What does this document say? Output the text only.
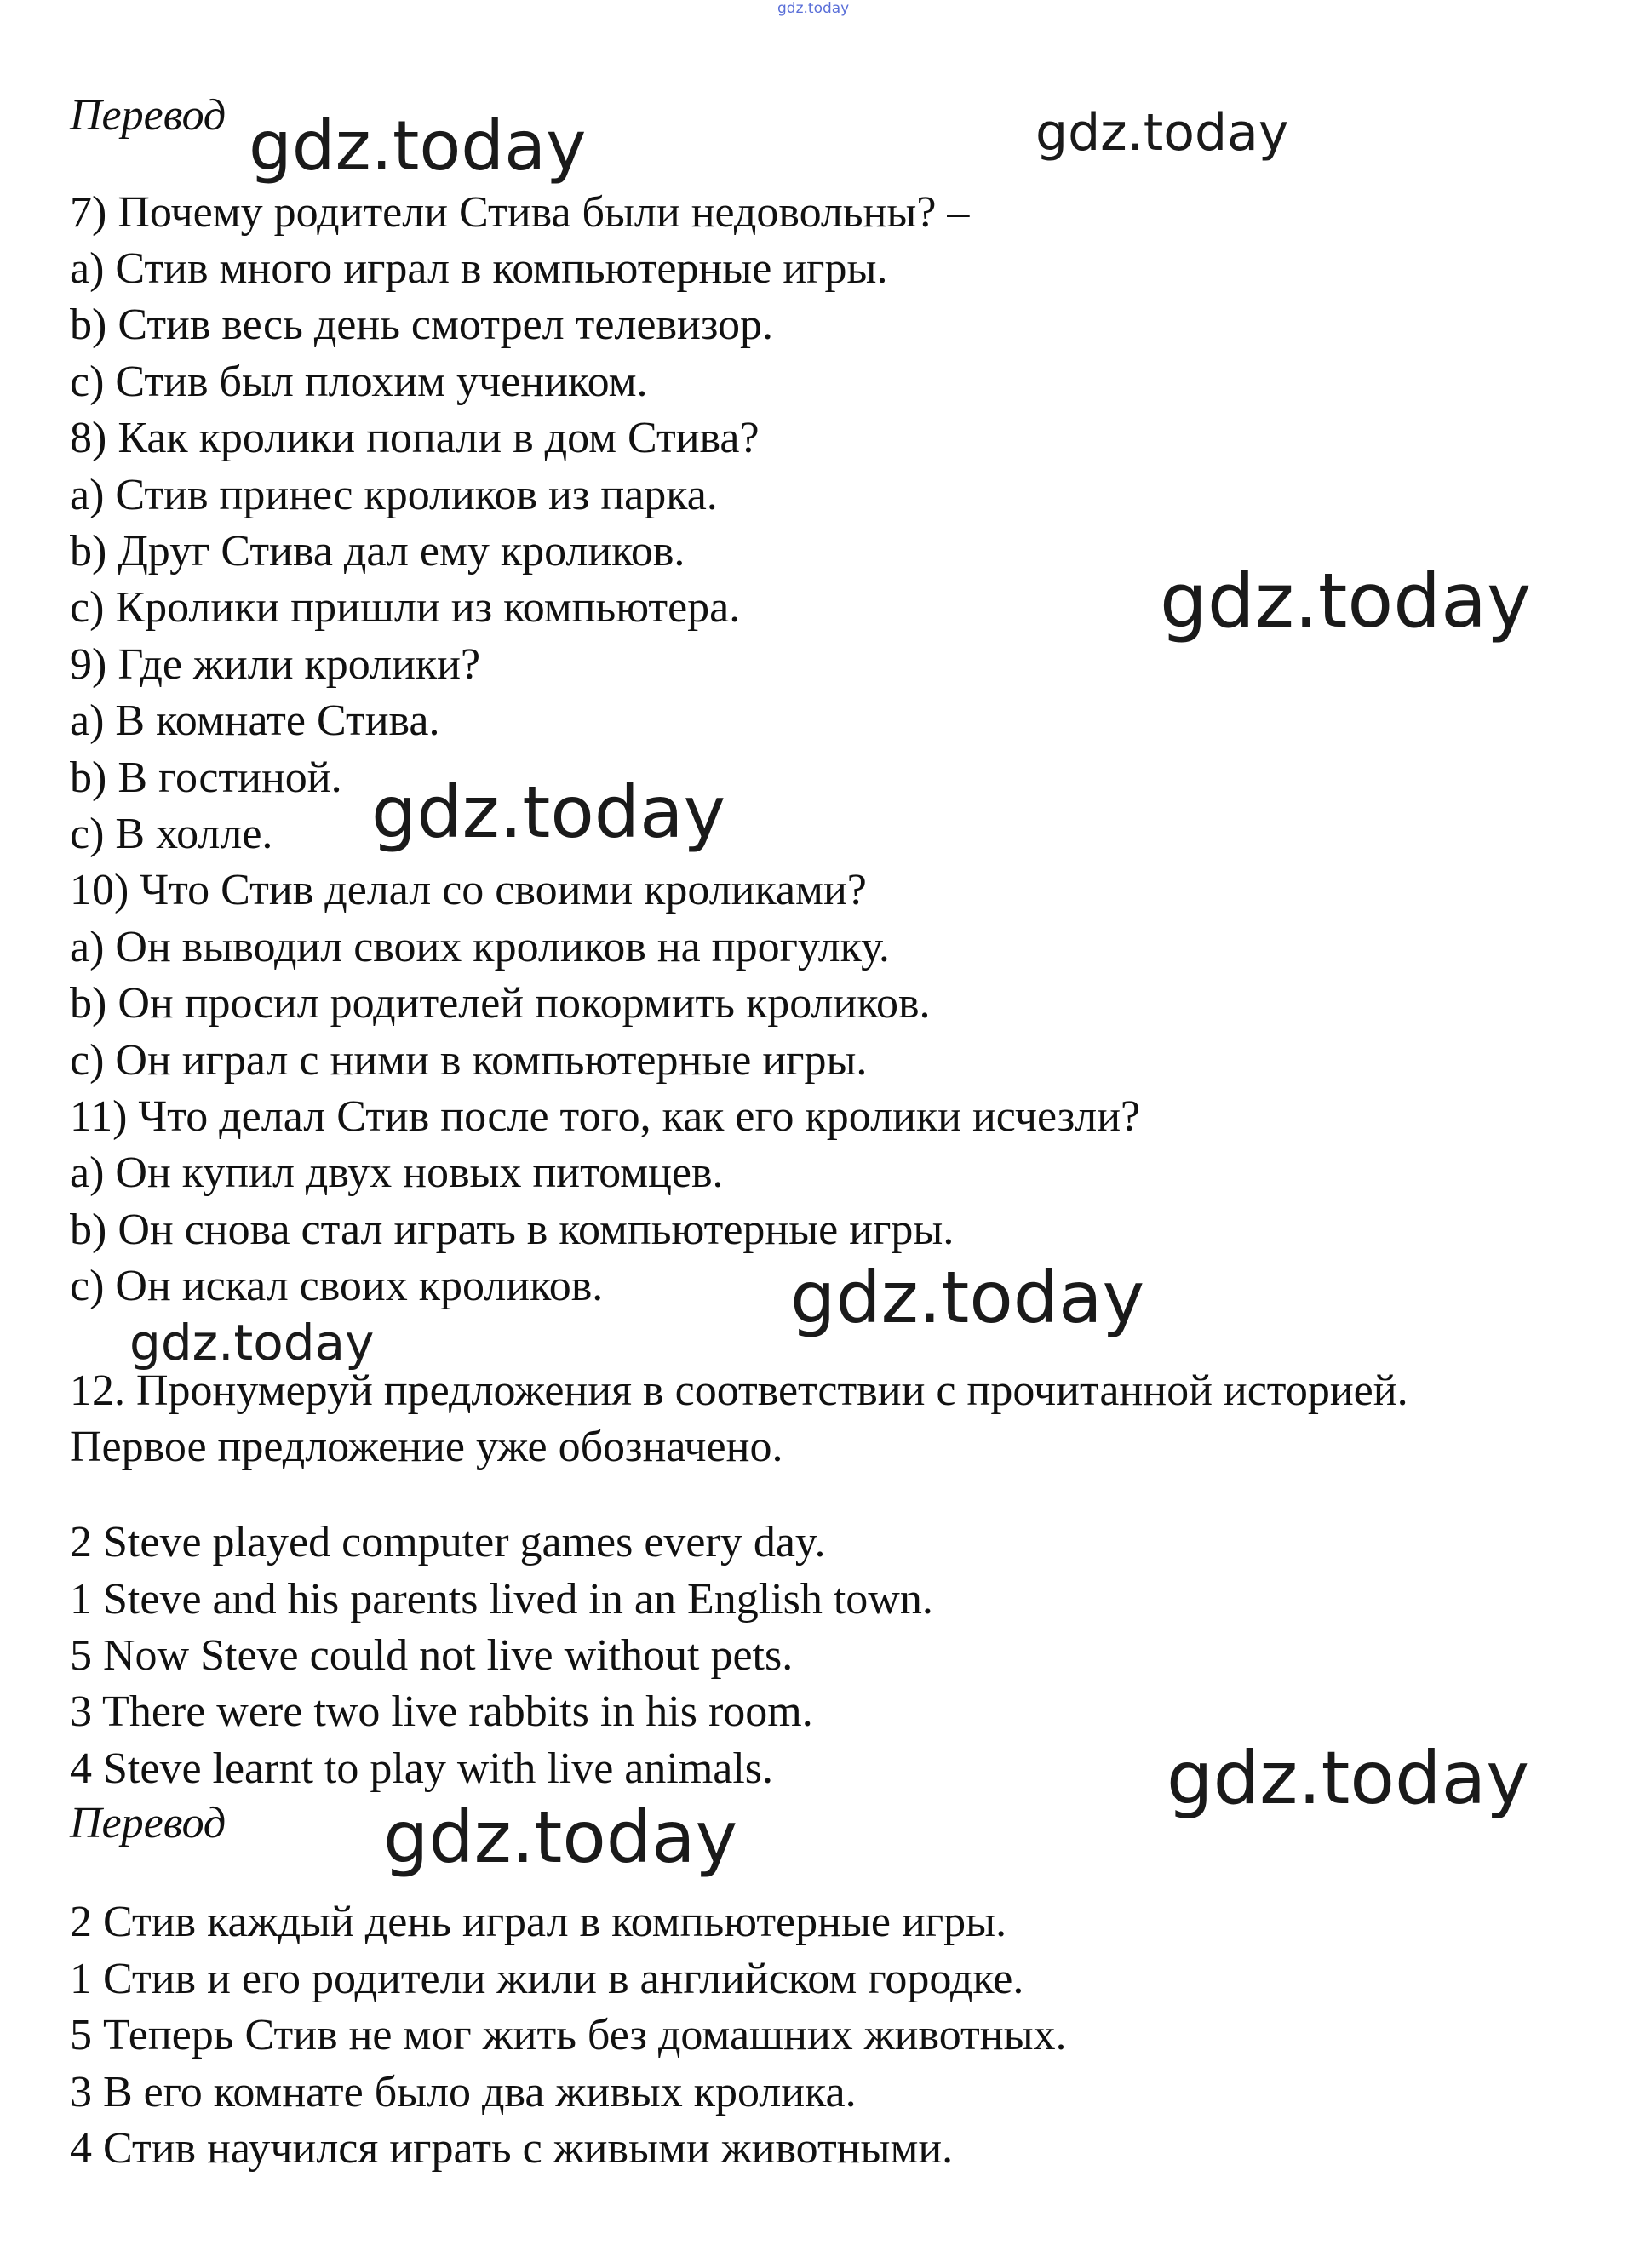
gdz.today
Перевод
7) Почему родители Стива были недовольны? –
a) Стив много играл в компьютерные игры.
b) Стив весь день смотрел телевизор.
c) Стив был плохим учеником.
8) Как кролики попали в дом Стива?
a) Стив принес кроликов из парка.
b) Друг Стива дал ему кроликов.
c) Кролики пришли из компьютера.
9) Где жили кролики?
a) В комнате Стива.
b) В гостиной.
c) В холле.
10) Что Стив делал со своими кроликами?
a) Он выводил своих кроликов на прогулку.
b) Он просил родителей покормить кроликов.
c) Он играл с ними в компьютерные игры.
11) Что делал Стив после того, как его кролики исчезли?
a) Он купил двух новых питомцев.
b) Он снова стал играть в компьютерные игры.
c) Он искал своих кроликов.
12. Пронумеруй предложения в соответствии с прочитанной историей.
Первое предложение уже обозначено.
2 Steve played computer games every day.
1 Steve and his parents lived in an English town.
5 Now Steve could not live without pets.
3 There were two live rabbits in his room.
4 Steve learnt to play with live animals.
Перевод
2 Стив каждый день играл в компьютерные игры.
1 Стив и его родители жили в английском городке.
5 Теперь Стив не мог жить без домашних животных.
3 В его комнате было два живых кролика.
4 Стив научился играть с живыми животными.
gdz.today	gdz.today
gdz.today
gdz.today
gdz.today
gdz.today
gdz.today
gdz.today
